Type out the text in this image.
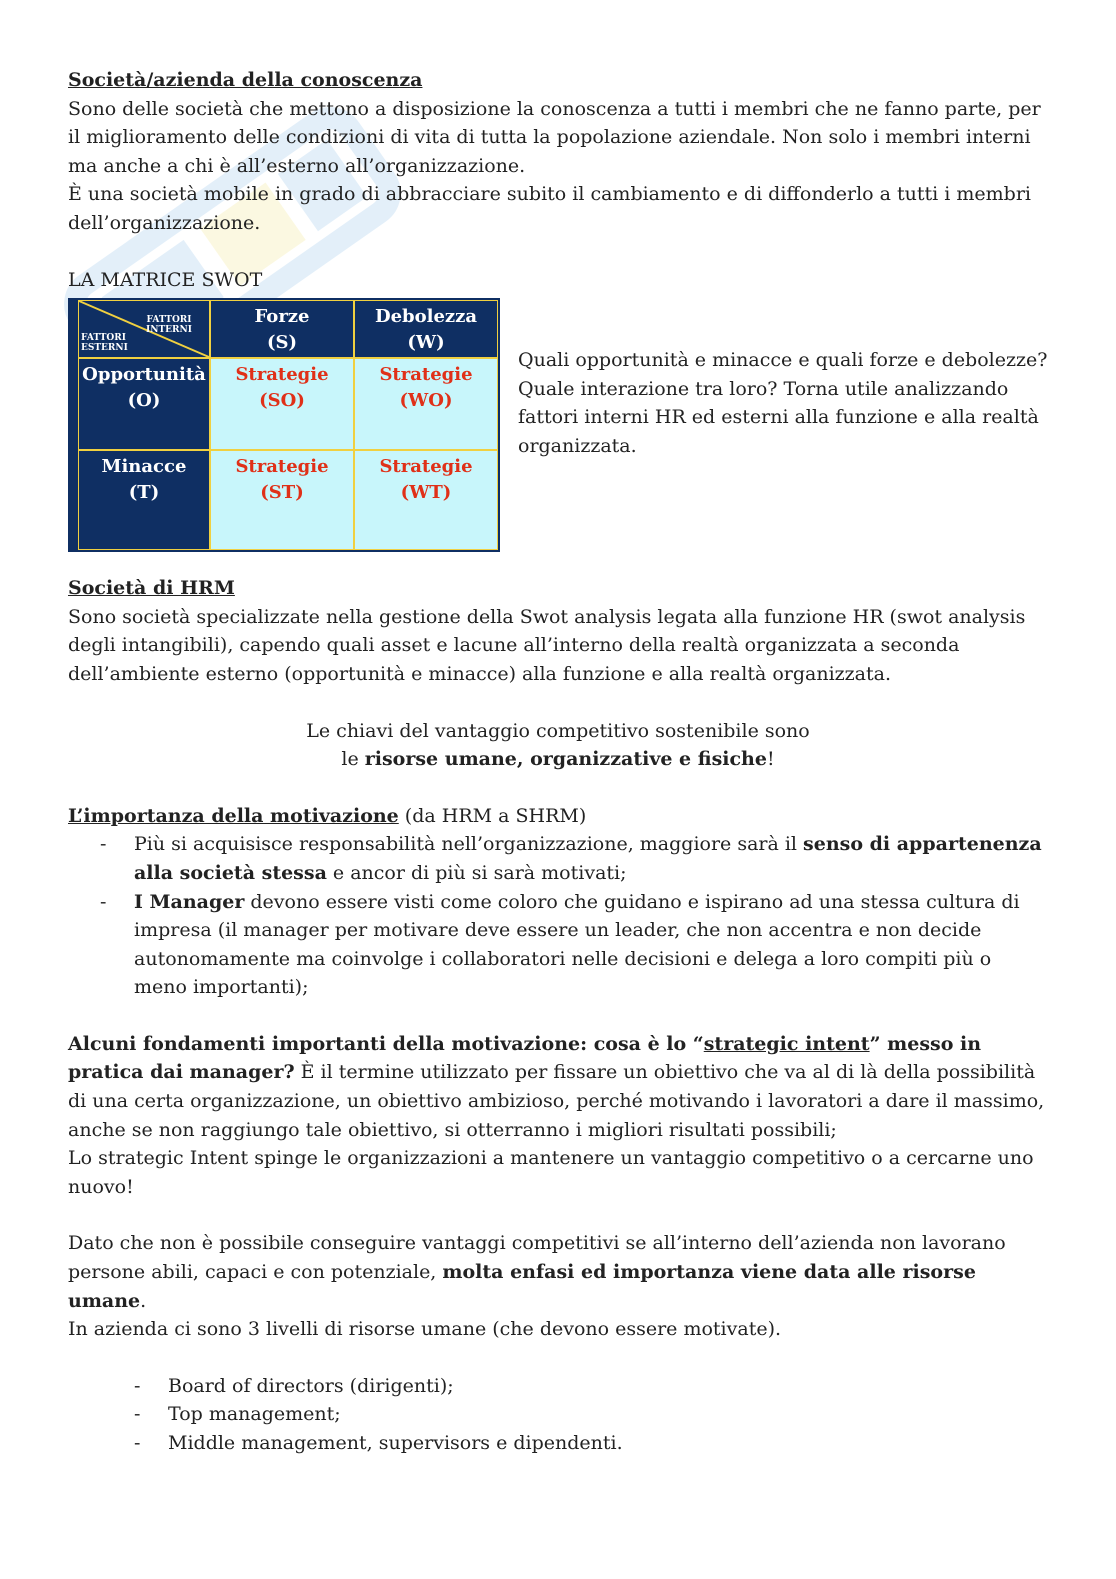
Società/azienda della conoscenza

Sono delle società che mettono a disposizione la conoscenza a tutti i membri che ne fanno parte, per il miglioramento delle condizioni di vita di tutta la popolazione aziendale. Non solo i membri interni ma anche a chi è all’esterno all’organizzazione.

È una società mobile in grado di abbracciare subito il cambiamento e di diffonderlo a tutti i membri dell’organizzazione.

LA MATRICE SWOT

FATTORI INTERNI
FATTORI ESTERNI
Forze
(S)
Debolezza
(W)
Opportunità
(O)
Minacce
(T)
Strategie
(SO)
Strategie
(WO)
Strategie
(ST)
Strategie
(WT)

Quali opportunità e minacce e quali forze e debolezze? Quale interazione tra loro? Torna utile analizzando fattori interni HR ed esterni alla funzione e alla realtà organizzata.

Società di HRM

Sono società specializzate nella gestione della Swot analysis legata alla funzione HR (swot analysis degli intangibili), capendo quali asset e lacune all’interno della realtà organizzata a seconda dell’ambiente esterno (opportunità e minacce) alla funzione e alla realtà organizzata.

Le chiavi del vantaggio competitivo sostenibile sono

le risorse umane, organizzative e fisiche!

L’importanza della motivazione (da HRM a SHRM)

- Più si acquisisce responsabilità nell’organizzazione, maggiore sarà il senso di appartenenza alla società stessa e ancor di più si sarà motivati;
- I Manager devono essere visti come coloro che guidano e ispirano ad una stessa cultura di impresa (il manager per motivare deve essere un leader, che non accentra e non decide autonomamente ma coinvolge i collaboratori nelle decisioni e delega a loro compiti più o meno importanti);

Alcuni fondamenti importanti della motivazione: cosa è lo “strategic intent” messo in pratica dai manager? È il termine utilizzato per fissare un obiettivo che va al di là della possibilità di una certa organizzazione, un obiettivo ambizioso, perché motivando i lavoratori a dare il massimo, anche se non raggiungo tale obiettivo, si otterranno i migliori risultati possibili;

Lo strategic Intent spinge le organizzazioni a mantenere un vantaggio competitivo o a cercarne uno nuovo!

Dato che non è possibile conseguire vantaggi competitivi se all’interno dell’azienda non lavorano persone abili, capaci e con potenziale, molta enfasi ed importanza viene data alle risorse umane.

In azienda ci sono 3 livelli di risorse umane (che devono essere motivate).

- Board of directors (dirigenti);
- Top management;
- Middle management, supervisors e dipendenti.
